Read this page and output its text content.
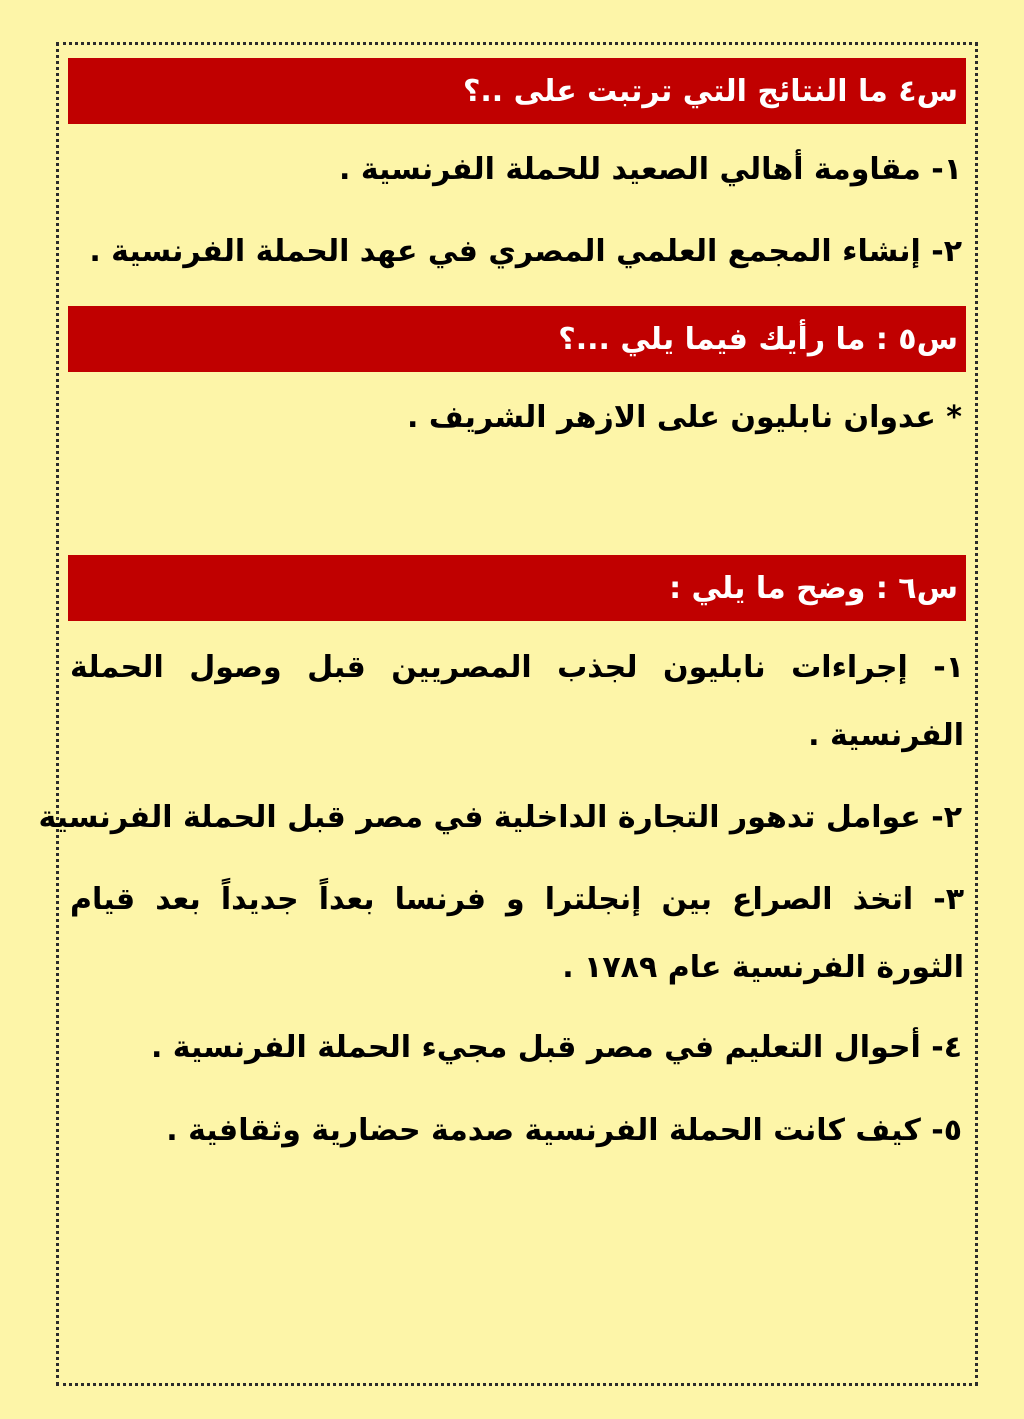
س٤ ما النتائج التي ترتبت على ..؟
١- مقاومة أهالي الصعيد للحملة الفرنسية .
٢- إنشاء المجمع العلمي المصري في عهد الحملة الفرنسية .
س٥ : ما رأيك فيما يلي ...؟
* عدوان نابليون على الازهر الشريف .
س٦ : وضح ما يلي :
١- إجراءات نابليون لجذب المصريين قبل وصول الحملة الفرنسية .
٢- عوامل تدهور التجارة الداخلية في مصر قبل الحملة الفرنسية
٣- اتخذ الصراع بين إنجلترا و فرنسا بعداً جديداً بعد قيام الثورة الفرنسية عام ١٧٨٩ .
٤- أحوال التعليم في مصر قبل مجيء الحملة الفرنسية .
٥- كيف كانت الحملة الفرنسية صدمة حضارية وثقافية .
